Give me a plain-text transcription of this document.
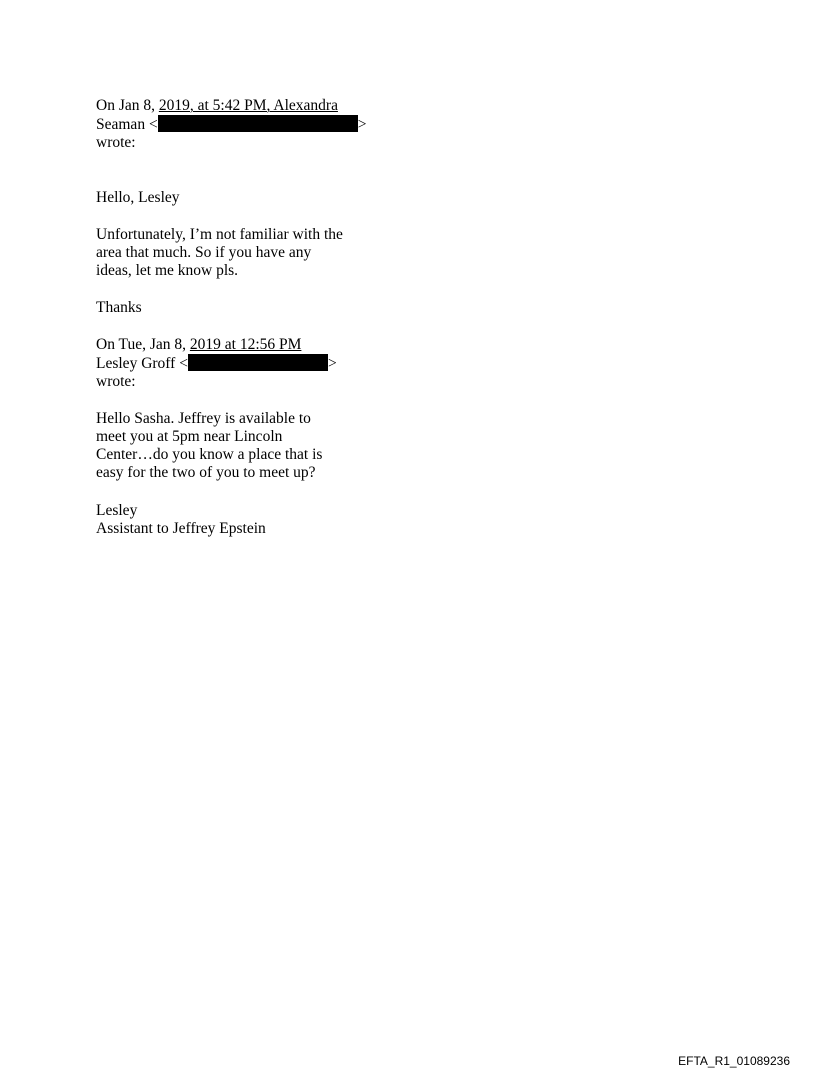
On Jan 8, 2019, at 5:42 PM, Alexandra
Seaman <	>
wrote:
Hello, Lesley
Unfortunately, I’m not familiar with the
area that much. So if you have any
ideas, let me know pls.
Thanks
On Tue, Jan 8, 2019 at 12:56 PM
Lesley Groff <	>
wrote:
Hello Sasha. Jeffrey is available to
meet you at 5pm near Lincoln
Center…do you know a place that is
easy for the two of you to meet up?
Lesley
Assistant to Jeffrey Epstein
EFTA_R1_01089236
